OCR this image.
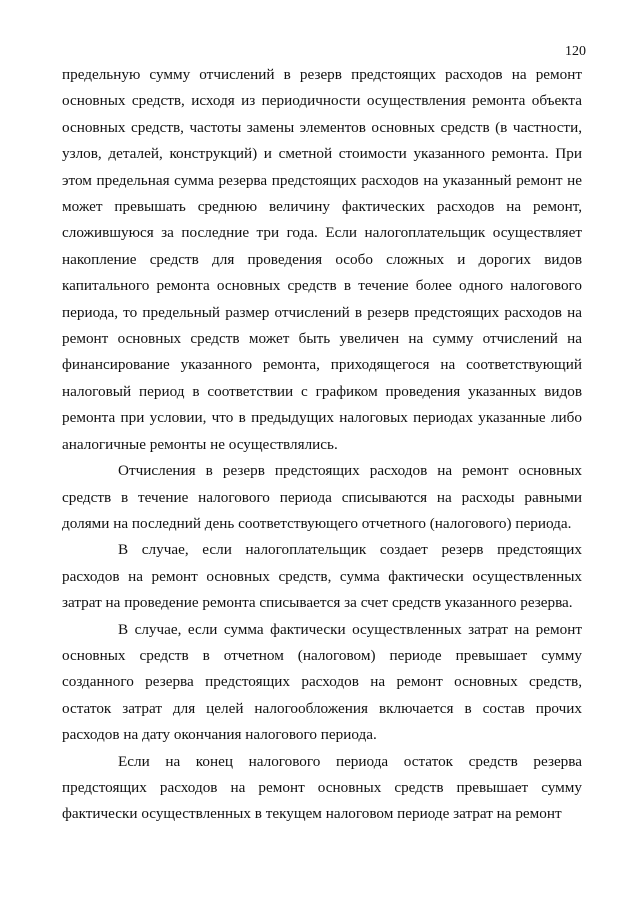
120

предельную сумму отчислений в резерв предстоящих расходов на ремонт основных средств, исходя из периодичности осуществления ремонта объекта основных средств, частоты замены элементов основных средств (в частности, узлов, деталей, конструкций) и сметной стоимости указанного ремонта. При этом предельная сумма резерва предстоящих расходов на указанный ремонт не может превышать среднюю величину фактических расходов на ремонт, сложившуюся за последние три года. Если налогоплательщик осуществляет накопление средств для проведения особо сложных и дорогих видов капитального ремонта основных средств в течение более одного налогового периода, то предельный размер отчислений в резерв предстоящих расходов на ремонт основных средств может быть увеличен на сумму отчислений на финансирование указанного ремонта, приходящегося на соответствующий налоговый период в соответствии с графиком проведения указанных видов ремонта при условии, что в предыдущих налоговых периодах указанные либо аналогичные ремонты не осуществлялись.

Отчисления в резерв предстоящих расходов на ремонт основных средств в течение налогового периода списываются на расходы равными долями на последний день соответствующего отчетного (налогового) периода.

В случае, если налогоплательщик создает резерв предстоящих расходов на ремонт основных средств, сумма фактически осуществленных затрат на проведение ремонта списывается за счет средств указанного резерва.

В случае, если сумма фактически осуществленных затрат на ремонт основных средств в отчетном (налоговом) периоде превышает сумму созданного резерва предстоящих расходов на ремонт основных средств, остаток затрат для целей налогообложения включается в состав прочих расходов на дату окончания налогового периода.

Если на конец налогового периода остаток средств резерва предстоящих расходов на ремонт основных средств превышает сумму фактически осуществленных в текущем налоговом периоде затрат на ремонт
